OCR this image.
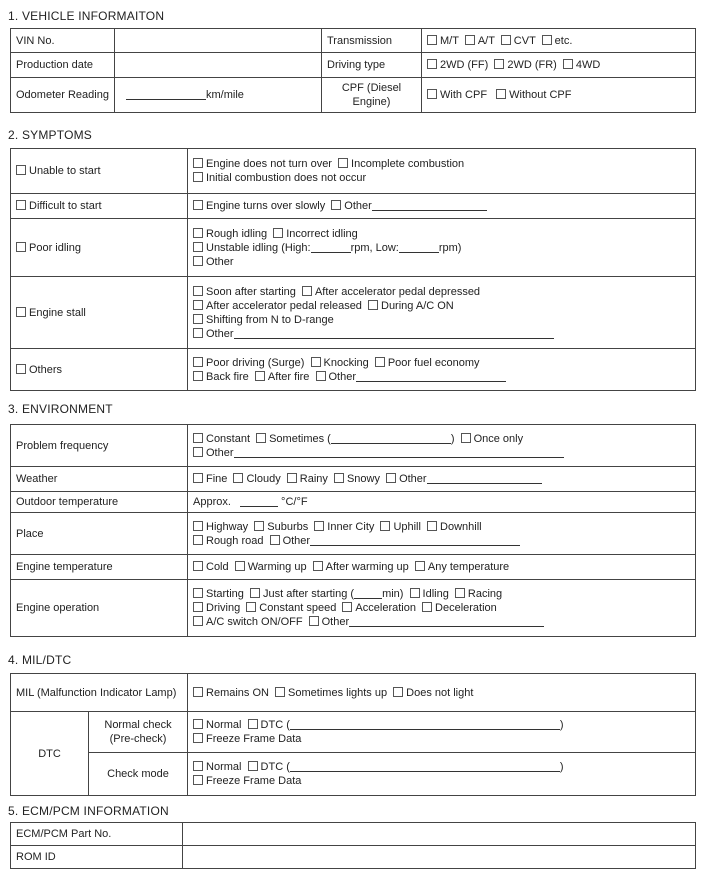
1. VEHICLE INFORMAITON
VIN No.		Transmission	M/T A/T CVT etc.
Production date		Driving type	2WD (FF) 2WD (FR) 4WD
Odometer Reading	km/mile	CPF (Diesel Engine)	With CPF Without CPF
2. SYMPTOMS
Unable to start	Engine does not turn over Incomplete combustion
Initial combustion does not occur
Difficult to start	Engine turns over slowly Other
Poor idling	Rough idling Incorrect idling
Unstable idling (High: rpm, Low: rpm)
Other
Engine stall	Soon after starting After accelerator pedal depressed
After accelerator pedal released During A/C ON
Shifting from N to D-range
Other
Others	Poor driving (Surge) Knocking Poor fuel economy
Back fire After fire Other
3. ENVIRONMENT
Problem frequency	Constant Sometimes ( ) Once only
Other
Weather	Fine Cloudy Rainy Snowy Other
Outdoor temperature	Approx. °C/°F
Place	Highway Suburbs Inner City Uphill Downhill
Rough road Other
Engine temperature	Cold Warming up After warming up Any temperature
Engine operation	Starting Just after starting ( min) Idling Racing
Driving Constant speed Acceleration Deceleration
A/C switch ON/OFF Other
4. MIL/DTC
MIL (Malfunction Indicator Lamp)		Remains ON Sometimes lights up Does not light
DTC	Normal check (Pre-check)	Normal DTC ( )
Freeze Frame Data
	Check mode	Normal DTC ( )
Freeze Frame Data
5. ECM/PCM INFORMATION
ECM/PCM Part No.	
ROM ID	
